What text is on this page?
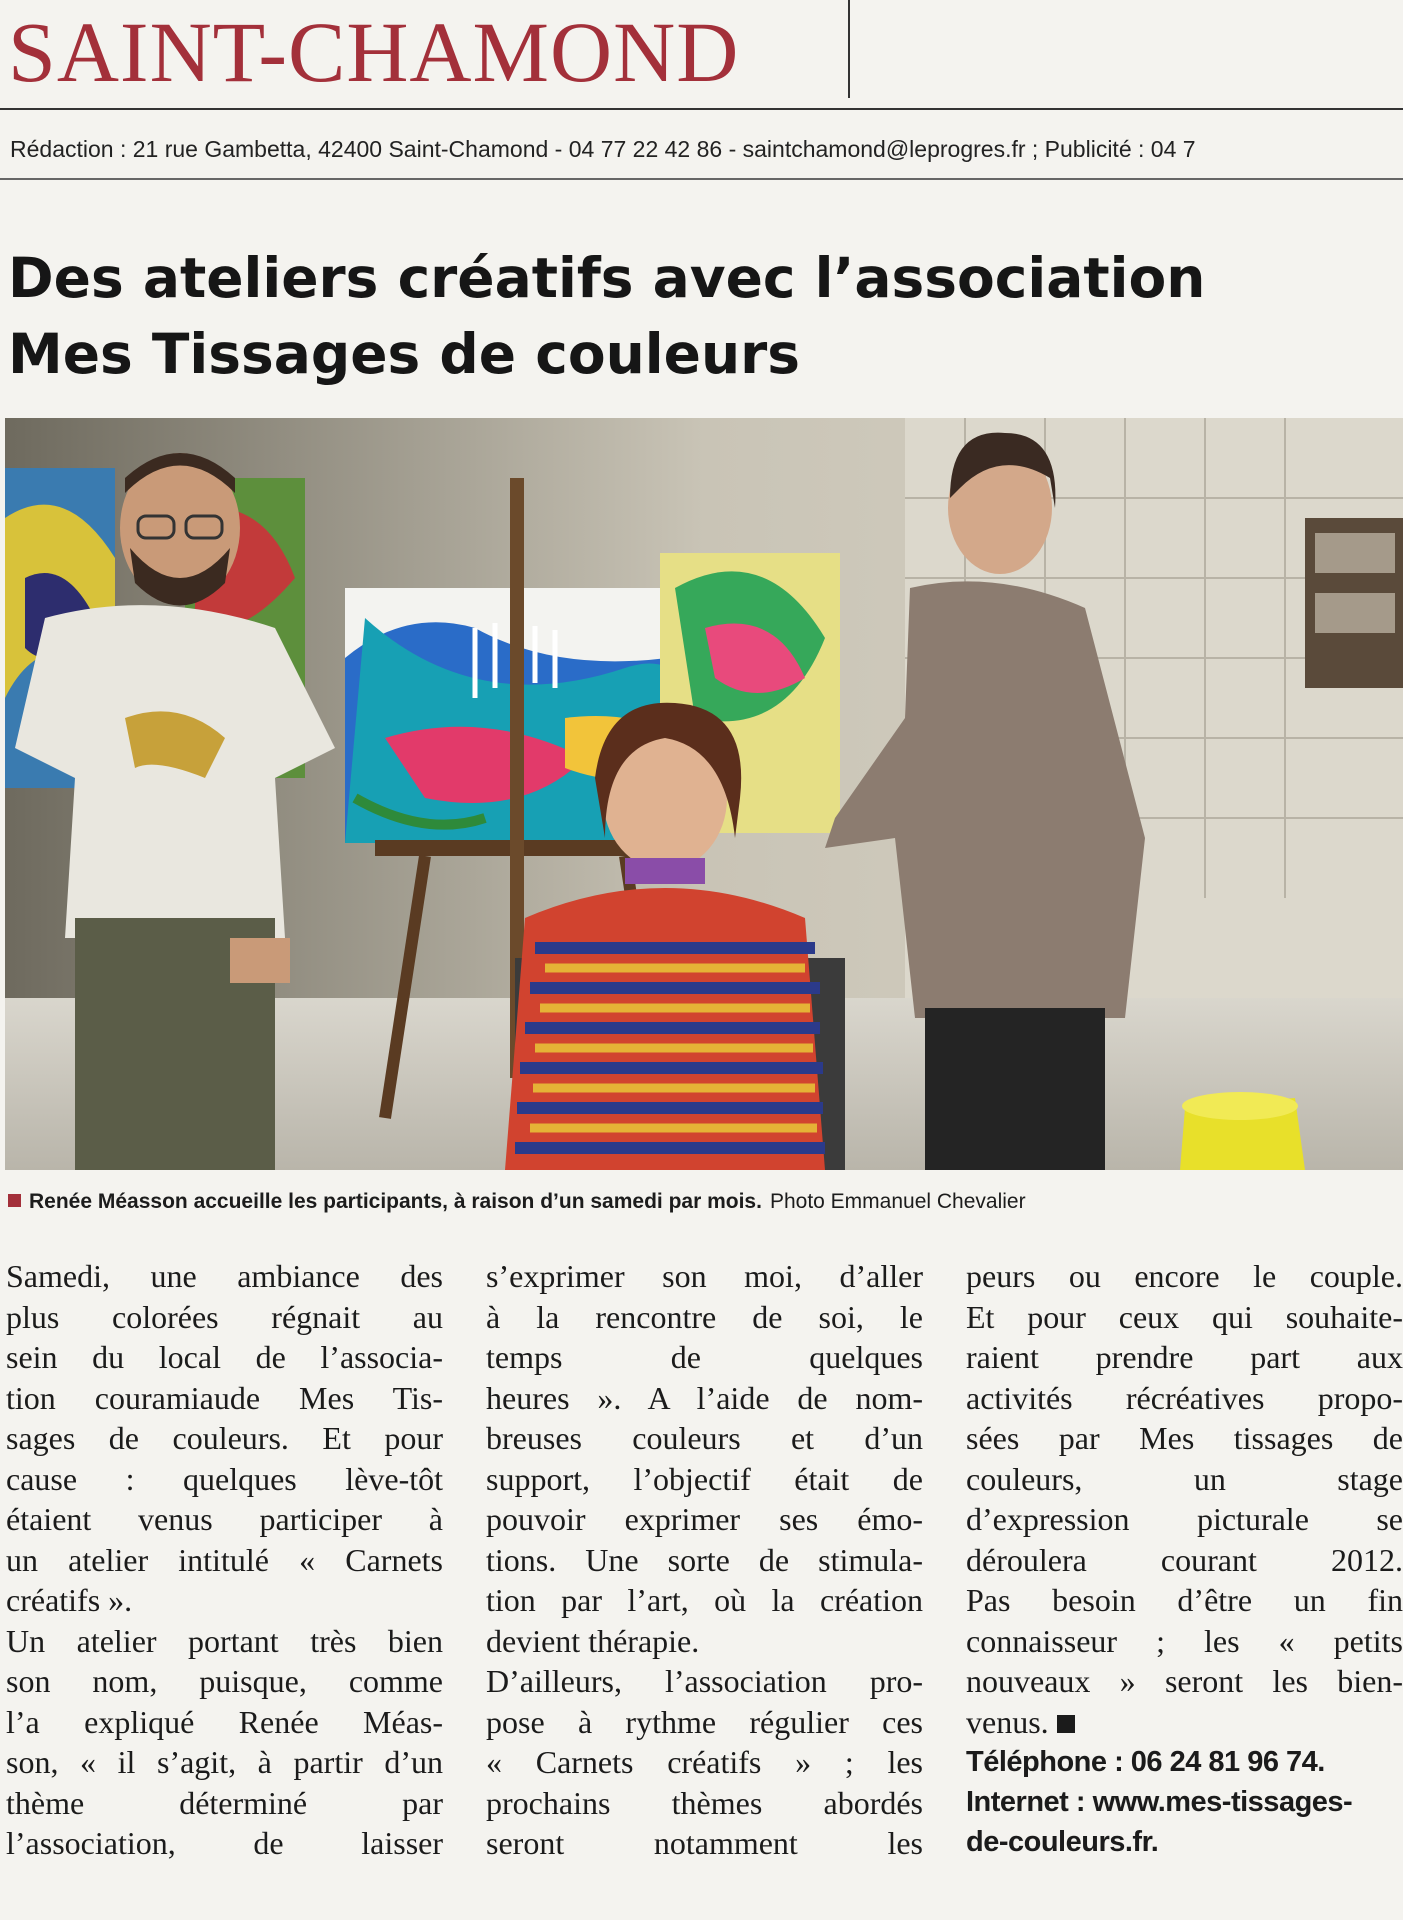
SAINT-CHAMOND
Rédaction : 21 rue Gambetta, 42400 Saint-Chamond - 04 77 22 42 86 - saintchamond@leprogres.fr ; Publicité : 04 7
Des ateliers créatifs avec l’association
Mes Tissages de couleurs
Renée Méasson accueille les participants, à raison d’un samedi par mois. Photo Emmanuel Chevalier

Samedi, une ambiance des

plus colorées régnait au

sein du local de l’associa-

tion couramiaude Mes Tis-

sages de couleurs. Et pour

cause : quelques lève-tôt

étaient venus participer à

un atelier intitulé « Carnets

créatifs ».

Un atelier portant très bien

son nom, puisque, comme

l’a expliqué Renée Méas-

son, « il s’agit, à partir d’un

thème déterminé par

l’association, de laisser

s’exprimer son moi, d’aller

à la rencontre de soi, le

temps de quelques

heures ». A l’aide de nom-

breuses couleurs et d’un

support, l’objectif était de

pouvoir exprimer ses émo-

tions. Une sorte de stimula-

tion par l’art, où la création

devient thérapie.

D’ailleurs, l’association pro-

pose à rythme régulier ces

« Carnets créatifs » ; les

prochains thèmes abordés

seront notamment les

peurs ou encore le couple.

Et pour ceux qui souhaite-

raient prendre part aux

activités récréatives propo-

sées par Mes tissages de

couleurs, un stage

d’expression picturale se

déroulera courant 2012.

Pas besoin d’être un fin

connaisseur ; les « petits

nouveaux » seront les bien-

venus.

Téléphone : 06 24 81 96 74.

Internet : www.mes-tissages-

de-couleurs.fr.
